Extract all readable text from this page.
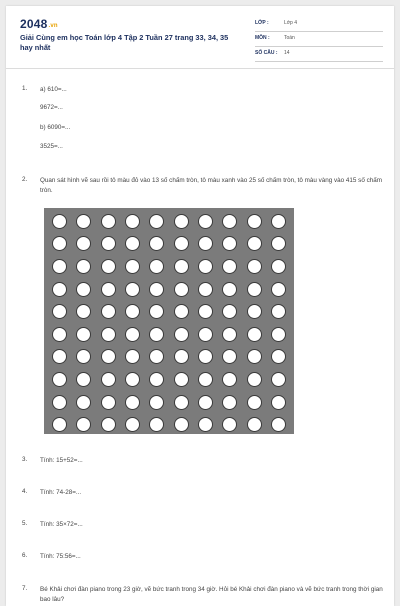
2048.vn
Giải Cùng em học Toán lớp 4 Tập 2 Tuần 27 trang 33, 34, 35 hay nhất
LỚP :	Lớp 4
MÔN :	Toán
SỐ CÂU : 14
1. a) 610=...
9672=...
b) 6090=...
3525=...
2. Quan sát hình vẽ sau rồi tô màu đỏ vào 13 số chấm tròn, tô màu xanh vào 25 số chấm tròn, tô màu vàng vào 415 số chấm tròn.
3. Tính: 15+52=...
4. Tính: 74-28=...
5. Tính: 35×72=...
6. Tính: 75:56=...
7. Bé Khải chơi đàn piano trong 23 giờ, vẽ bức tranh trong 34 giờ. Hỏi bé Khải chơi đàn piano và vẽ bức tranh trong thời gian bao lâu?
